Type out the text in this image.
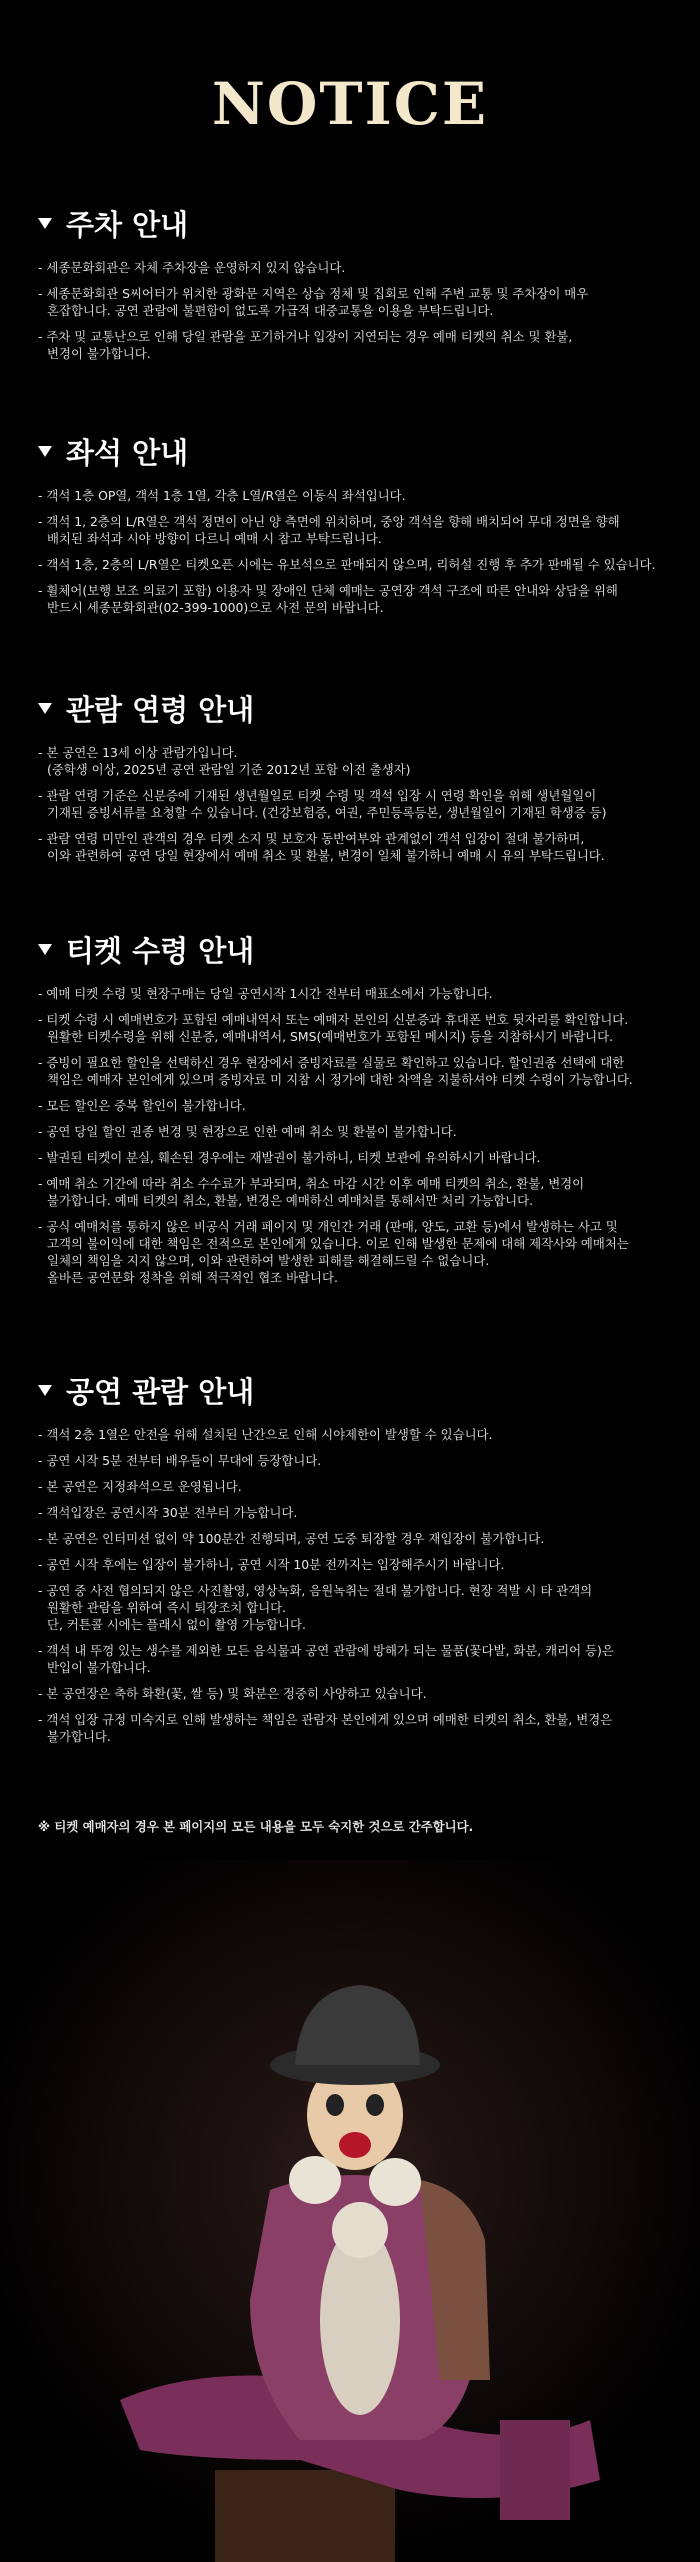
NOTICE
주차 안내
- 세종문화회관은 자체 주차장을 운영하지 있지 않습니다.
- 세종문화회관 S씨어터가 위치한 광화문 지역은 상습 정체 및 집회로 인해 주변 교통 및 주차장이 매우
혼잡합니다. 공연 관람에 불편함이 없도록 가급적 대중교통을 이용을 부탁드립니다.
- 주차 및 교통난으로 인해 당일 관람을 포기하거나 입장이 지연되는 경우 예매 티켓의 취소 및 환불,
변경이 불가합니다.
좌석 안내
- 객석 1층 OP열, 객석 1층 1열, 각층 L열/R열은 이동식 좌석입니다.
- 객석 1, 2층의 L/R열은 객석 정면이 아닌 양 측면에 위치하며, 중앙 객석을 향해 배치되어 무대 정면을 향해
배치된 좌석과 시야 방향이 다르니 예매 시 참고 부탁드립니다.
- 객석 1층, 2층의 L/R열은 티켓오픈 시에는 유보석으로 판매되지 않으며, 리허설 진행 후 추가 판매될 수 있습니다.
- 휠체어(보행 보조 의료기 포함) 이용자 및 장애인 단체 예매는 공연장 객석 구조에 따른 안내와 상담을 위해
반드시 세종문화회관(02-399-1000)으로 사전 문의 바랍니다.
관람 연령 안내
- 본 공연은 13세 이상 관람가입니다.
(중학생 이상, 2025년 공연 관람일 기준 2012년 포함 이전 출생자)
- 관람 연령 기준은 신분증에 기재된 생년월일로 티켓 수령 및 객석 입장 시 연령 확인을 위해 생년월일이
기재된 증빙서류를 요청할 수 있습니다. (건강보험증, 여권, 주민등록등본, 생년월일이 기재된 학생증 등)
- 관람 연령 미만인 관객의 경우 티켓 소지 및 보호자 동반여부와 관계없이 객석 입장이 절대 불가하며,
이와 관련하여 공연 당일 현장에서 예매 취소 및 환불, 변경이 일체 불가하니 예매 시 유의 부탁드립니다.
티켓 수령 안내
- 예매 티켓 수령 및 현장구매는 당일 공연시작 1시간 전부터 매표소에서 가능합니다.
- 티켓 수령 시 예매번호가 포함된 예매내역서 또는 예매자 본인의 신분증과 휴대폰 번호 뒷자리를 확인합니다.
원활한 티켓수령을 위해 신분증, 예매내역서, SMS(예매번호가 포함된 메시지) 등을 지참하시기 바랍니다.
- 증빙이 필요한 할인을 선택하신 경우 현장에서 증빙자료를 실물로 확인하고 있습니다. 할인권종 선택에 대한
책임은 예매자 본인에게 있으며 증빙자료 미 지참 시 정가에 대한 차액을 지불하셔야 티켓 수령이 가능합니다.
- 모든 할인은 중복 할인이 불가합니다.
- 공연 당일 할인 권종 변경 및 현장으로 인한 예매 취소 및 환불이 불가합니다.
- 발권된 티켓이 분실, 훼손된 경우에는 재발권이 불가하니, 티켓 보관에 유의하시기 바랍니다.
- 예매 취소 기간에 따라 취소 수수료가 부과되며, 취소 마감 시간 이후 예매 티켓의 취소, 환불, 변경이
불가합니다. 예매 티켓의 취소, 환불, 변경은 예매하신 예매처를 통해서만 처리 가능합니다.
- 공식 예매처를 통하지 않은 비공식 거래 페이지 및 개인간 거래 (판매, 양도, 교환 등)에서 발생하는 사고 및
고객의 불이익에 대한 책임은 전적으로 본인에게 있습니다. 이로 인해 발생한 문제에 대해 제작사와 예매처는
일체의 책임을 지지 않으며, 이와 관련하여 발생한 피해를 해결해드릴 수 없습니다.
올바른 공연문화 정착을 위해 적극적인 협조 바랍니다.
공연 관람 안내
- 객석 2층 1열은 안전을 위해 설치된 난간으로 인해 시야제한이 발생할 수 있습니다.
- 공연 시작 5분 전부터 배우들이 무대에 등장합니다.
- 본 공연은 지정좌석으로 운영됩니다.
- 객석입장은 공연시작 30분 전부터 가능합니다.
- 본 공연은 인터미션 없이 약 100분간 진행되며, 공연 도중 퇴장할 경우 재입장이 불가합니다.
- 공연 시작 후에는 입장이 불가하니, 공연 시작 10분 전까지는 입장해주시기 바랍니다.
- 공연 중 사전 협의되지 않은 사진촬영, 영상녹화, 음원녹취는 절대 불가합니다. 현장 적발 시 타 관객의
원활한 관람을 위하여 즉시 퇴장조치 합니다.
단, 커튼콜 시에는 플래시 없이 촬영 가능합니다.
- 객석 내 뚜껑 있는 생수를 제외한 모든 음식물과 공연 관람에 방해가 되는 물품(꽃다발, 화분, 캐리어 등)은
반입이 불가합니다.
- 본 공연장은 축하 화환(꽃, 쌀 등) 및 화분은 정중히 사양하고 있습니다.
- 객석 입장 규정 미숙지로 인해 발생하는 책임은 관람자 본인에게 있으며 예매한 티켓의 취소, 환불, 변경은
불가합니다.
※ 티켓 예매자의 경우 본 페이지의 모든 내용을 모두 숙지한 것으로 간주합니다.
